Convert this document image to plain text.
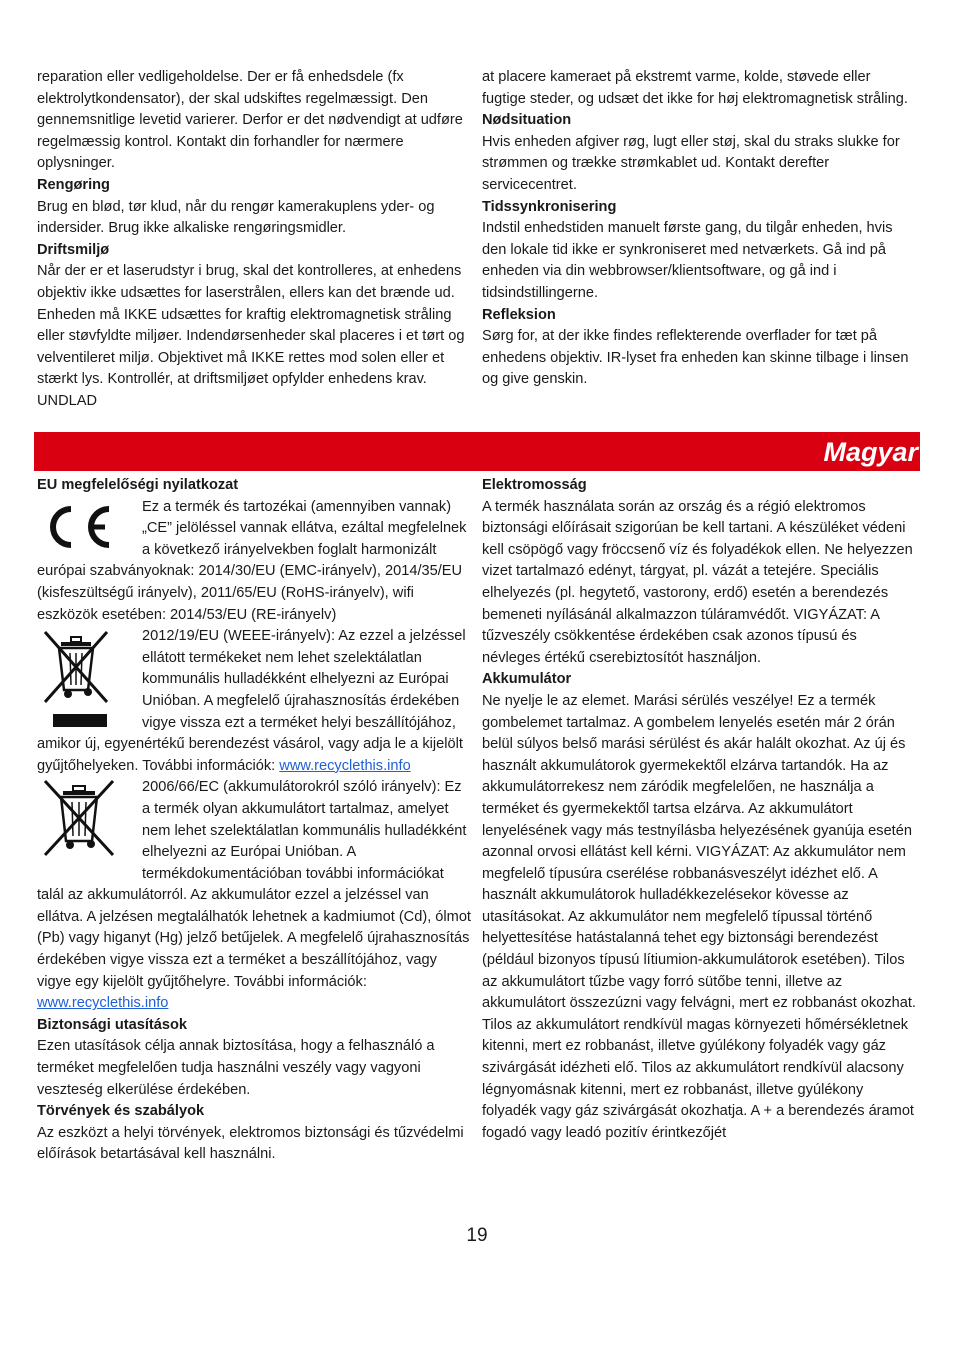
reparation eller vedligeholdelse. Der er få enhedsdele (fx elektrolytkondensator), der skal udskiftes regelmæssigt. Den gennemsnitlige levetid varierer. Derfor er det nødvendigt at udføre regelmæssig kontrol. Kontakt din forhandler for nærmere oplysninger.

Rengøring

Brug en blød, tør klud, når du rengør kamerakuplens yder- og indersider. Brug ikke alkaliske rengøringsmidler.

Driftsmiljø

Når der er et laserudstyr i brug, skal det kontrolleres, at enhedens objektiv ikke udsættes for laserstrålen, ellers kan det brænde ud. Enheden må IKKE udsættes for kraftig elektromagnetisk stråling eller støvfyldte miljøer. Indendørsenheder skal placeres i et tørt og velventileret miljø. Objektivet må IKKE rettes mod solen eller et stærkt lys. Kontrollér, at driftsmiljøet opfylder enhedens krav. UNDLAD

at placere kameraet på ekstremt varme, kolde, støvede eller fugtige steder, og udsæt det ikke for høj elektromagnetisk stråling.

Nødsituation

Hvis enheden afgiver røg, lugt eller støj, skal du straks slukke for strømmen og trække strømkablet ud. Kontakt derefter servicecentret.

Tidssynkronisering

Indstil enhedstiden manuelt første gang, du tilgår enheden, hvis den lokale tid ikke er synkroniseret med netværkets. Gå ind på enheden via din webbrowser/klientsoftware, og gå ind i tidsindstillingerne.

Refleksion

Sørg for, at der ikke findes reflekterende overflader for tæt på enhedens objektiv. IR-lyset fra enheden kan skinne tilbage i linsen og give genskin.

Magyar

EU megfelelőségi nyilatkozat

Ez a termék és tartozékai (amennyiben vannak) „CE” jelöléssel vannak ellátva, ezáltal megfelelnek a következő irányelvekben foglalt harmonizált európai szabványoknak: 2014/30/EU (EMC-irányelv), 2014/35/EU (kisfeszültségű irányelv), 2011/65/EU (RoHS-irányelv), wifi eszközök esetében: 2014/53/EU (RE-irányelv)

2012/19/EU (WEEE-irányelv): Az ezzel a jelzéssel ellátott termékeket nem lehet szelektálatlan kommunális hulladékként elhelyezni az Európai Unióban. A megfelelő újrahasznosítás érdekében vigye vissza ezt a terméket helyi beszállítójához, amikor új, egyenértékű berendezést vásárol, vagy adja le a kijelölt gyűjtőhelyeken. További információk: www.recyclethis.info

2006/66/EC (akkumulátorokról szóló irányelv): Ez a termék olyan akkumulátort tartalmaz, amelyet nem lehet szelektálatlan kommunális hulladékként elhelyezni az Európai Unióban. A termékdokumentációban további információkat talál az akkumulátorról. Az akkumulátor ezzel a jelzéssel van ellátva. A jelzésen megtalálhatók lehetnek a kadmiumot (Cd), ólmot (Pb) vagy higanyt (Hg) jelző betűjelek. A megfelelő újrahasznosítás érdekében vigye vissza ezt a terméket a beszállítójához, vagy vigye egy kijelölt gyűjtőhelyre. További információk: www.recyclethis.info

Biztonsági utasítások

Ezen utasítások célja annak biztosítása, hogy a felhasználó a terméket megfelelően tudja használni veszély vagy vagyoni veszteség elkerülése érdekében.

Törvények és szabályok

Az eszközt a helyi törvények, elektromos biztonsági és tűzvédelmi előírások betartásával kell használni.

Elektromosság

A termék használata során az ország és a régió elektromos biztonsági előírásait szigorúan be kell tartani. A készüléket védeni kell csöpögő vagy fröccsenő víz és folyadékok ellen. Ne helyezzen vizet tartalmazó edényt, tárgyat, pl. vázát a tetejére. Speciális elhelyezés (pl. hegytető, vastorony, erdő) esetén a berendezés bemeneti nyílásánál alkalmazzon túláramvédőt. VIGYÁZAT: A tűzveszély csökkentése érdekében csak azonos típusú és névleges értékű cserebiztosítót használjon.

Akkumulátor

Ne nyelje le az elemet. Marási sérülés veszélye! Ez a termék gombelemet tartalmaz. A gombelem lenyelés esetén már 2 órán belül súlyos belső marási sérülést és akár halált okozhat. Az új és használt akkumulátorok gyermekektől elzárva tartandók. Ha az akkumulátorrekesz nem záródik megfelelően, ne használja a terméket és gyermekektől tartsa elzárva. Az akkumulátort lenyelésének vagy más testnyílásba helyezésének gyanúja esetén azonnal orvosi ellátást kell kérni. VIGYÁZAT: Az akkumulátor nem megfelelő típusúra cserélése robbanásveszélyt idézhet elő. A használt akkumulátorok hulladékkezelésekor kövesse az utasításokat. Az akkumulátor nem megfelelő típussal történő helyettesítése hatástalanná tehet egy biztonsági berendezést (például bizonyos típusú lítiumion-akkumulátorok esetében). Tilos az akkumulátort tűzbe vagy forró sütőbe tenni, illetve az akkumulátort összezúzni vagy felvágni, mert ez robbanást okozhat. Tilos az akkumulátort rendkívül magas környezeti hőmérsékletnek kitenni, mert ez robbanást, illetve gyúlékony folyadék vagy gáz szivárgását idézheti elő. Tilos az akkumulátort rendkívül alacsony légnyomásnak kitenni, mert ez robbanást, illetve gyúlékony folyadék vagy gáz szivárgását okozhatja. A + a berendezés áramot fogadó vagy leadó pozitív érintkezőjét

19
